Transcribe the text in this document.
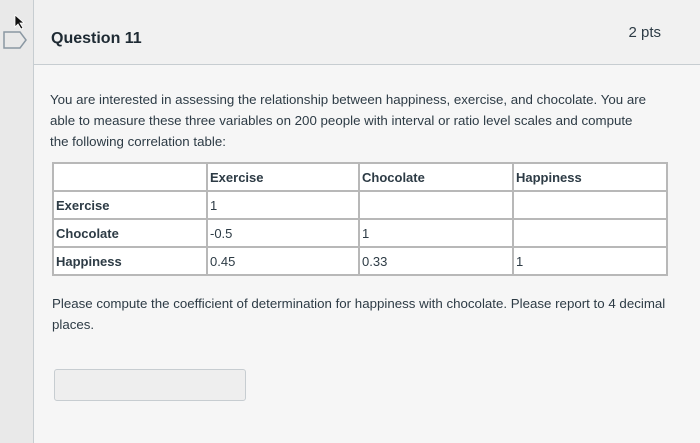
Question 11	2 pts
You are interested in assessing the relationship between happiness, exercise, and chocolate. You are able to measure these three variables on 200 people with interval or ratio level scales and compute the following correlation table:
	Exercise	Chocolate	Happiness
Exercise	1		
Chocolate	-0.5	1	
Happiness	0.45	0.33	1
Please compute the coefficient of determination for happiness with chocolate. Please report to 4 decimal places.
